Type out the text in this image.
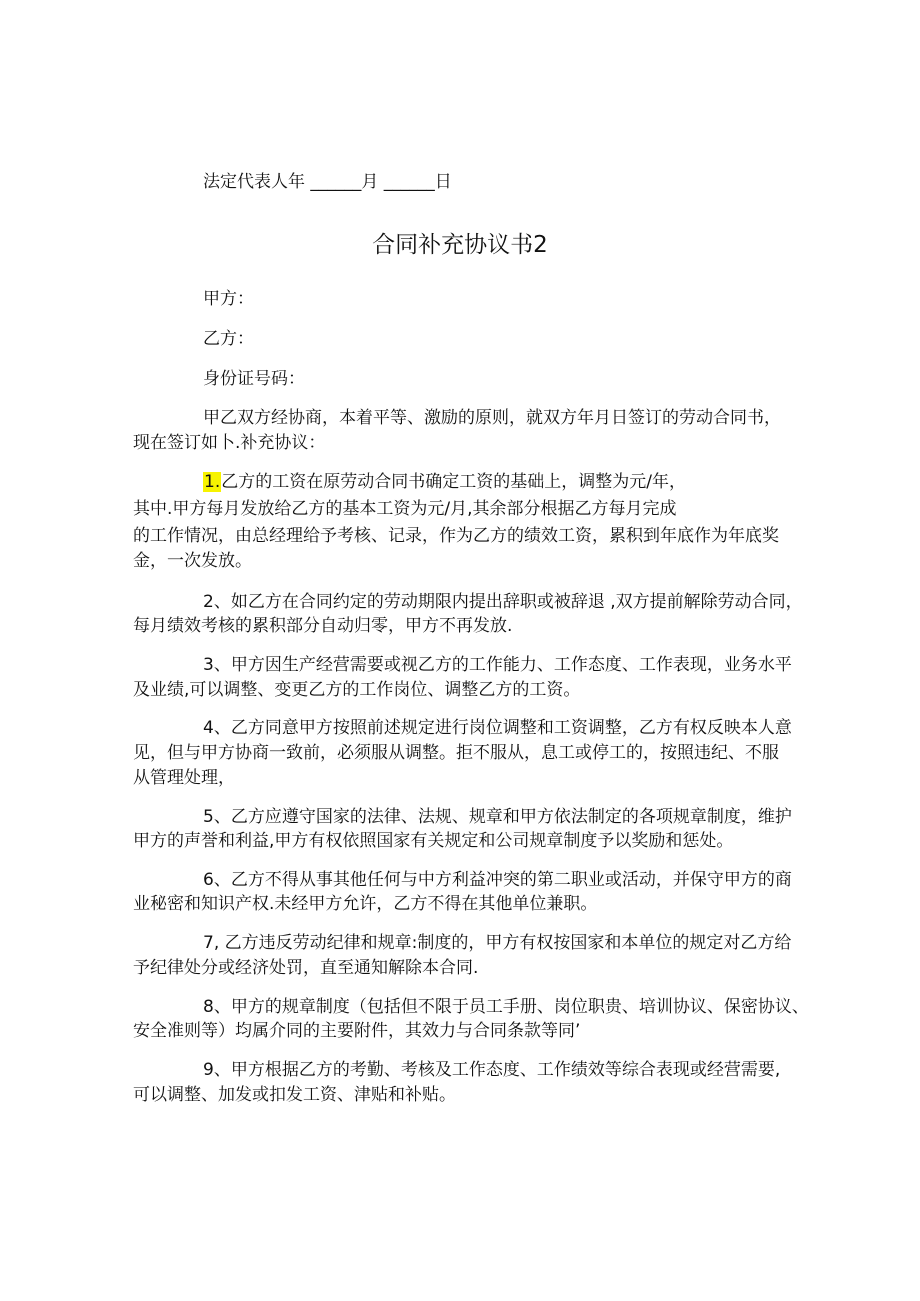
法定代表人年 ______月 ______日
合同补充协议书2
甲方：
乙方：
身份证号码：
甲乙双方经协商，本着平等、激励的原则，就双方年月日签订的劳动合同书，
现在签订如卜.补充协议：
1.乙方的工资在原劳动合同书确定工资的基础上，调整为元/年，
其中.甲方每月发放给乙方的基本工资为元/月,其余部分根据乙方每月完成
的工作情况，由总经理给予考核、记录，作为乙方的绩效工资，累积到年底作为年底奖
金，一次发放。
2、如乙方在合同约定的劳动期限内提出辞职或被辞退 ,双方提前解除劳动合同，
每月绩效考核的累积部分自动归零，甲方不再发放.
3、甲方因生产经营需要或视乙方的工作能力、工作态度、工作表现，业务水平
及业绩,可以调整、变更乙方的工作岗位、调整乙方的工资。
4、乙方同意甲方按照前述规定进行岗位调整和工资调整，乙方有权反映本人意
见，但与甲方协商一致前，必须服从调整。拒不服从，息工或停工的，按照违纪、不服
从管理处理，
5、乙方应遵守国家的法律、法规、规章和甲方依法制定的各项规章制度，维护
甲方的声誉和利益,甲方有权依照国家有关规定和公司规章制度予以奖励和惩处。
6、乙方不得从事其他任何与中方利益冲突的第二职业或活动，并保守甲方的商
业秘密和知识产权.未经甲方允许，乙方不得在其他单位兼职。
7, 乙方违反劳动纪律和规章:制度的，甲方有权按国家和本单位的规定对乙方给
予纪律处分或经济处罚，直至通知解除本合同.
8、甲方的规章制度（包括但不限于员工手册、岗位职贵、培训协议、保密协议、
安全准则等）均属介同的主要附件，其效力与合同条款等同’
9、甲方根据乙方的考勤、考核及工作态度、工作绩效等综合表现或经营需要,
可以调整、加发或扣发工资、津贴和补贴。
